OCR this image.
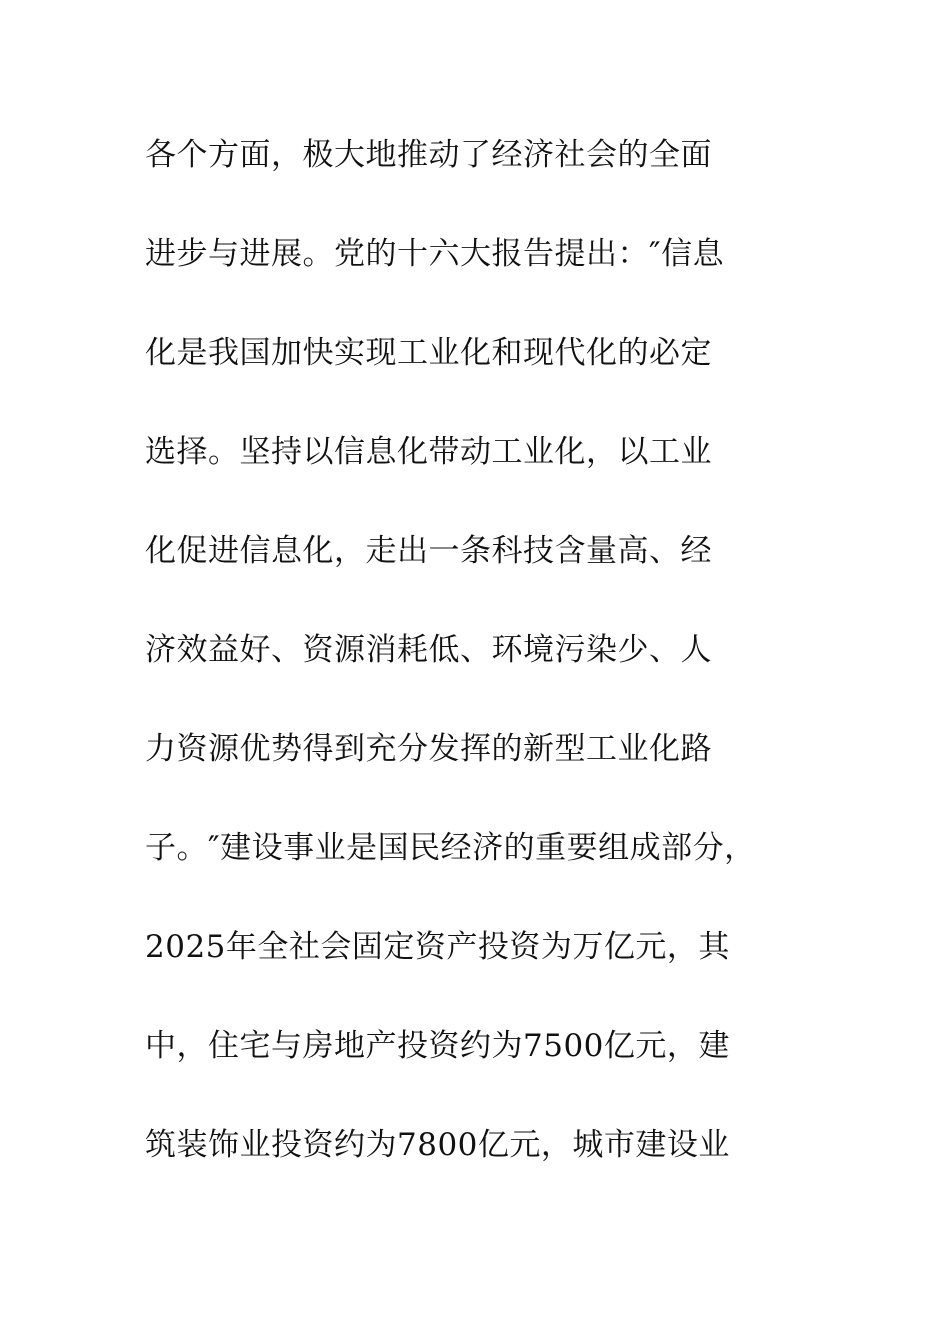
各个方面，极大地推动了经济社会的全面
进步与进展。党的十六大报告提出：″信息
化是我国加快实现工业化和现代化的必定
选择。坚持以信息化带动工业化，以工业
化促进信息化，走出一条科技含量高、经
济效益好、资源消耗低、环境污染少、人
力资源优势得到充分发挥的新型工业化路
子。″建设事业是国民经济的重要组成部分，
2025年全社会固定资产投资为万亿元，其
中，住宅与房地产投资约为7500亿元，建
筑装饰业投资约为7800亿元，城市建设业
